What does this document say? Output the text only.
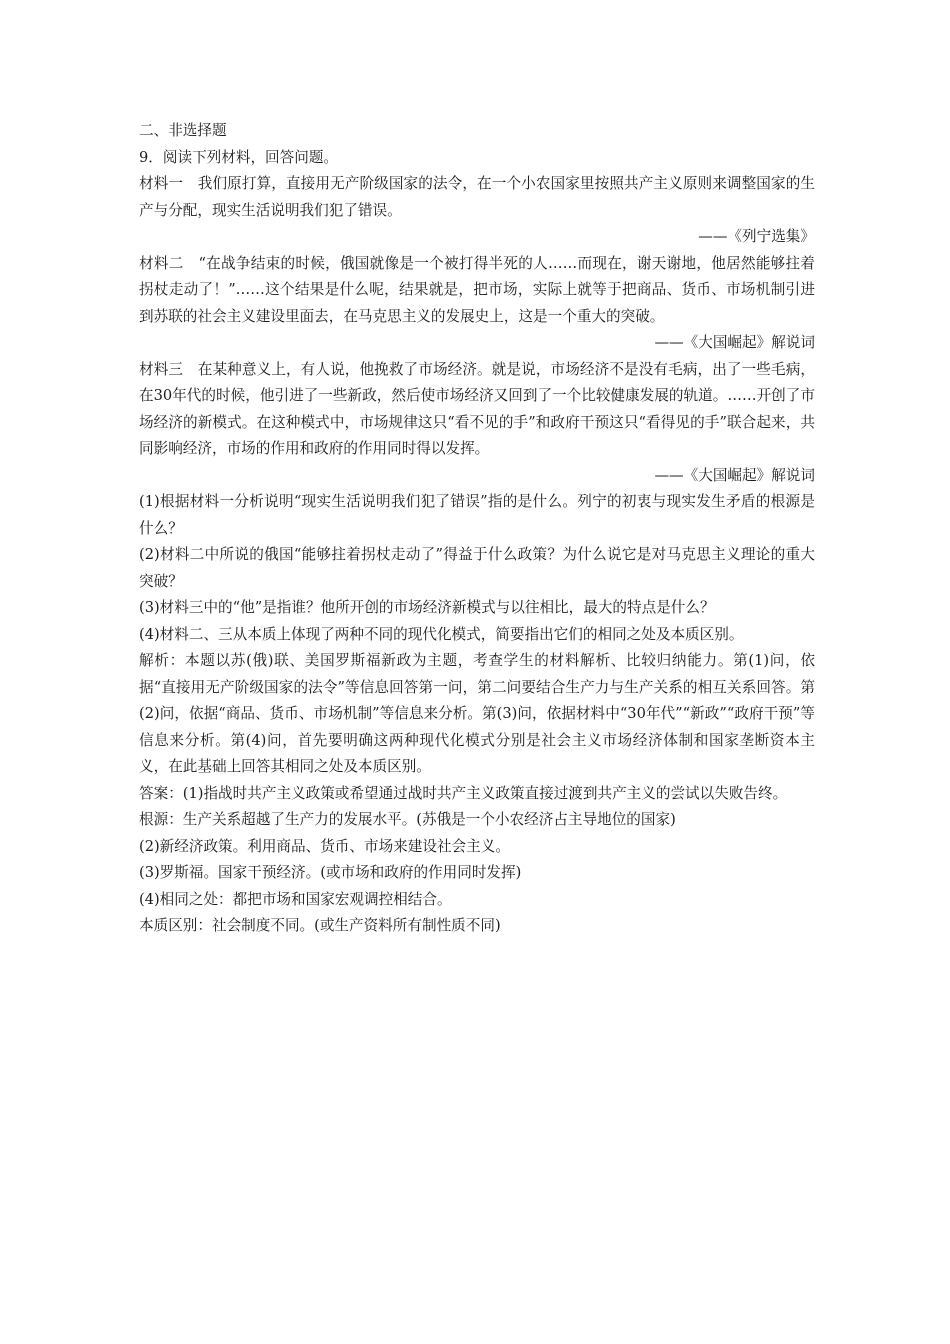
二、非选择题

9．阅读下列材料，回答问题。

材料一　我们原打算，直接用无产阶级国家的法令，在一个小农国家里按照共产主义原则来调整国家的生产与分配，现实生活说明我们犯了错误。

——《列宁选集》

材料二　“在战争结束的时候，俄国就像是一个被打得半死的人……而现在，谢天谢地，他居然能够拄着拐杖走动了！”……这个结果是什么呢，结果就是，把市场，实际上就等于把商品、货币、市场机制引进到苏联的社会主义建设里面去，在马克思主义的发展史上，这是一个重大的突破。

——《大国崛起》解说词

材料三　在某种意义上，有人说，他挽救了市场经济。就是说，市场经济不是没有毛病，出了一些毛病，在30年代的时候，他引进了一些新政，然后使市场经济又回到了一个比较健康发展的轨道。……开创了市场经济的新模式。在这种模式中，市场规律这只“看不见的手”和政府干预这只“看得见的手”联合起来，共同影响经济，市场的作用和政府的作用同时得以发挥。

——《大国崛起》解说词

(1)根据材料一分析说明“现实生活说明我们犯了错误”指的是什么。列宁的初衷与现实发生矛盾的根源是什么？

(2)材料二中所说的俄国“能够拄着拐杖走动了”得益于什么政策？为什么说它是对马克思主义理论的重大突破？

(3)材料三中的“他”是指谁？他所开创的市场经济新模式与以往相比，最大的特点是什么？

(4)材料二、三从本质上体现了两种不同的现代化模式，简要指出它们的相同之处及本质区别。

解析：本题以苏(俄)联、美国罗斯福新政为主题，考查学生的材料解析、比较归纳能力。第(1)问，依据“直接用无产阶级国家的法令”等信息回答第一问，第二问要结合生产力与生产关系的相互关系回答。第(2)问，依据“商品、货币、市场机制”等信息来分析。第(3)问，依据材料中“30年代”“新政”“政府干预”等信息来分析。第(4)问，首先要明确这两种现代化模式分别是社会主义市场经济体制和国家垄断资本主义，在此基础上回答其相同之处及本质区别。

答案：(1)指战时共产主义政策或希望通过战时共产主义政策直接过渡到共产主义的尝试以失败告终。

根源：生产关系超越了生产力的发展水平。(苏俄是一个小农经济占主导地位的国家)

(2)新经济政策。利用商品、货币、市场来建设社会主义。

(3)罗斯福。国家干预经济。(或市场和政府的作用同时发挥)

(4)相同之处：都把市场和国家宏观调控相结合。

本质区别：社会制度不同。(或生产资料所有制性质不同)
